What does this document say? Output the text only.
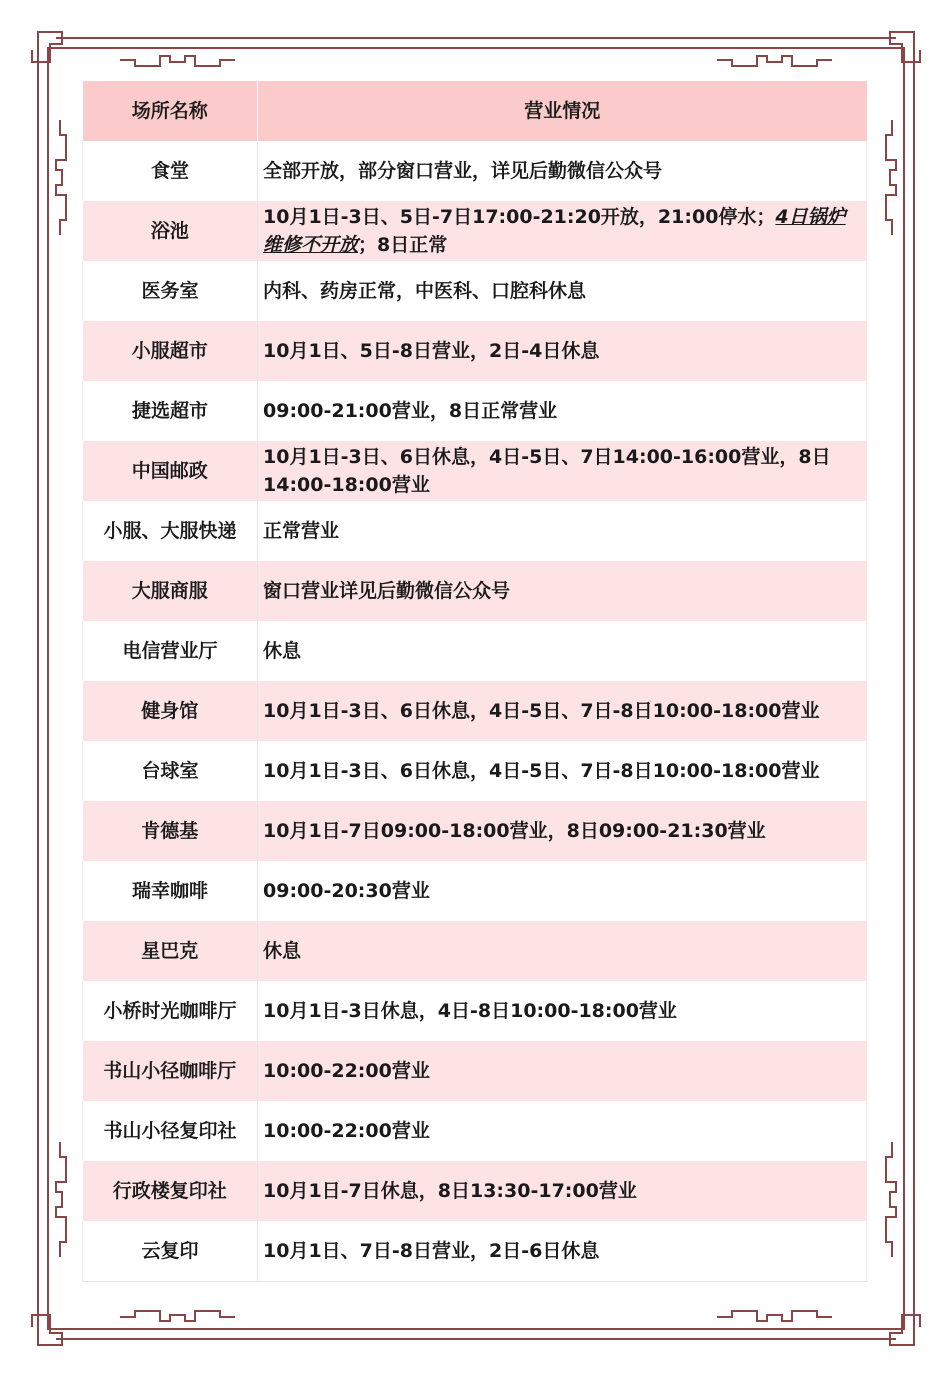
场所名称	营业情况
食堂	全部开放，部分窗口营业，详见后勤微信公众号
浴池	10月1日-3日、5日-7日17:00-21:20开放，21:00停水；4日锅炉维修不开放；8日正常
医务室	内科、药房正常，中医科、口腔科休息
小服超市	10月1日、5日-8日营业，2日-4日休息
捷选超市	09:00-21:00营业，8日正常营业
中国邮政	10月1日-3日、6日休息，4日-5日、7日14:00-16:00营业，8日14:00-18:00营业
小服、大服快递	正常营业
大服商服	窗口营业详见后勤微信公众号
电信营业厅	休息
健身馆	10月1日-3日、6日休息，4日-5日、7日-8日10:00-18:00营业
台球室	10月1日-3日、6日休息，4日-5日、7日-8日10:00-18:00营业
肯德基	10月1日-7日09:00-18:00营业，8日09:00-21:30营业
瑞幸咖啡	09:00-20:30营业
星巴克	休息
小桥时光咖啡厅	10月1日-3日休息，4日-8日10:00-18:00营业
书山小径咖啡厅	10:00-22:00营业
书山小径复印社	10:00-22:00营业
行政楼复印社	10月1日-7日休息，8日13:30-17:00营业
云复印	10月1日、7日-8日营业，2日-6日休息
